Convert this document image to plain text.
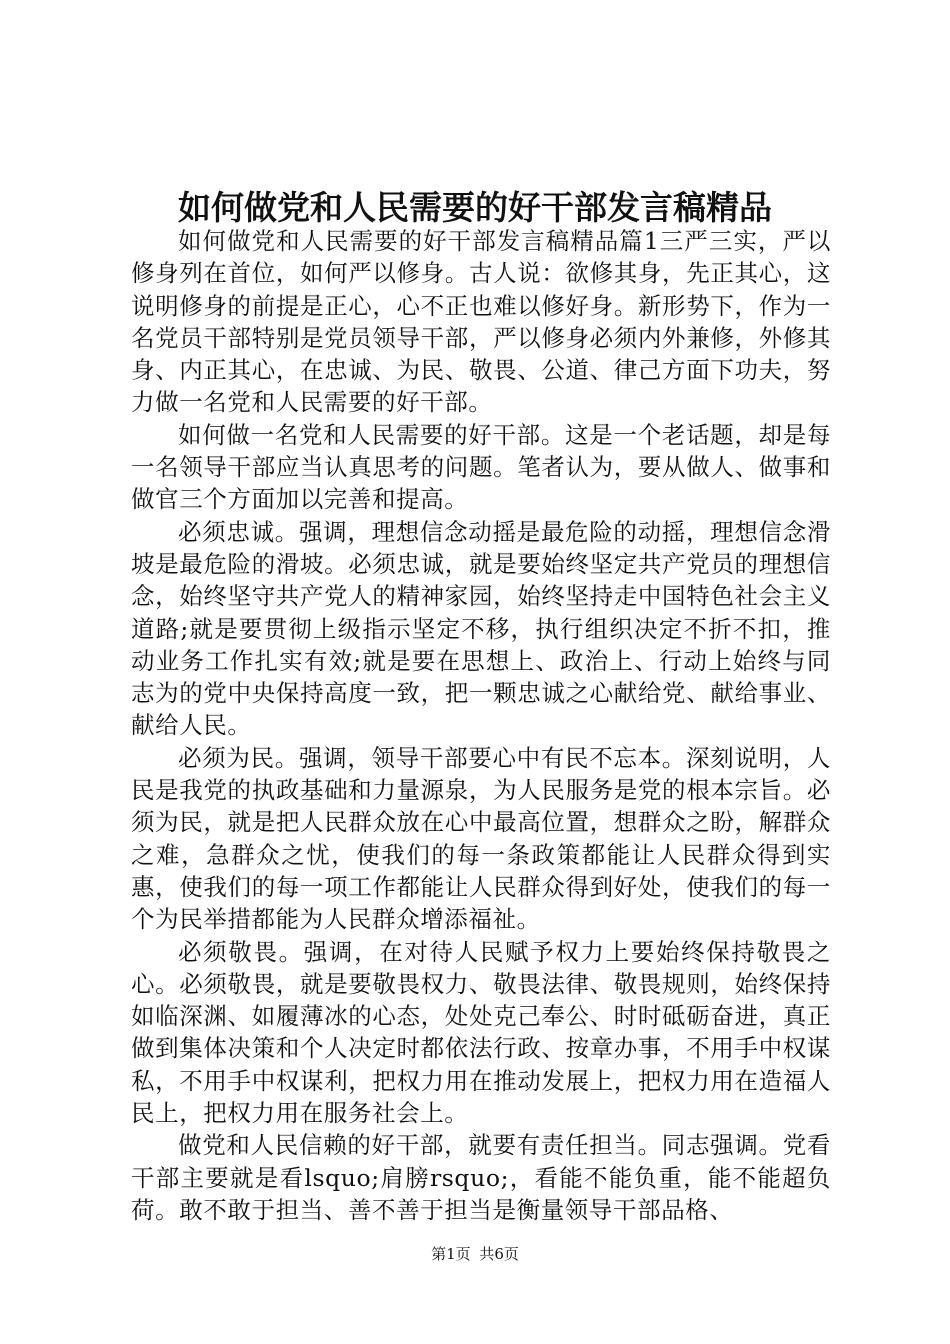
如何做党和人民需要的好干部发言稿精品

如何做党和人民需要的好干部发言稿精品篇1三严三实，严以修身列在首位，如何严以修身。古人说：欲修其身，先正其心，这说明修身的前提是正心，心不正也难以修好身。新形势下，作为一名党员干部特别是党员领导干部，严以修身必须内外兼修，外修其身、内正其心，在忠诚、为民、敬畏、公道、律己方面下功夫，努力做一名党和人民需要的好干部。

如何做一名党和人民需要的好干部。这是一个老话题，却是每一名领导干部应当认真思考的问题。笔者认为，要从做人、做事和做官三个方面加以完善和提高。

必须忠诚。强调，理想信念动摇是最危险的动摇，理想信念滑坡是最危险的滑坡。必须忠诚，就是要始终坚定共产党员的理想信念，始终坚守共产党人的精神家园，始终坚持走中国特色社会主义道路;就是要贯彻上级指示坚定不移，执行组织决定不折不扣，推动业务工作扎实有效;就是要在思想上、政治上、行动上始终与同志为的党中央保持高度一致，把一颗忠诚之心献给党、献给事业、献给人民。

必须为民。强调，领导干部要心中有民不忘本。深刻说明，人民是我党的执政基础和力量源泉，为人民服务是党的根本宗旨。必须为民，就是把人民群众放在心中最高位置，想群众之盼，解群众之难，急群众之忧，使我们的每一条政策都能让人民群众得到实惠，使我们的每一项工作都能让人民群众得到好处，使我们的每一个为民举措都能为人民群众增添福祉。

必须敬畏。强调，在对待人民赋予权力上要始终保持敬畏之心。必须敬畏，就是要敬畏权力、敬畏法律、敬畏规则，始终保持如临深渊、如履薄冰的心态，处处克己奉公、时时砥砺奋进，真正做到集体决策和个人决定时都依法行政、按章办事，不用手中权谋私，不用手中权谋利，把权力用在推动发展上，把权力用在造福人民上，把权力用在服务社会上。

做党和人民信赖的好干部，就要有责任担当。同志强调。党看干部主要就是看lsquo;肩膀rsquo;，看能不能负重，能不能超负荷。敢不敢于担当、善不善于担当是衡量领导干部品格、

第1页 共6页
